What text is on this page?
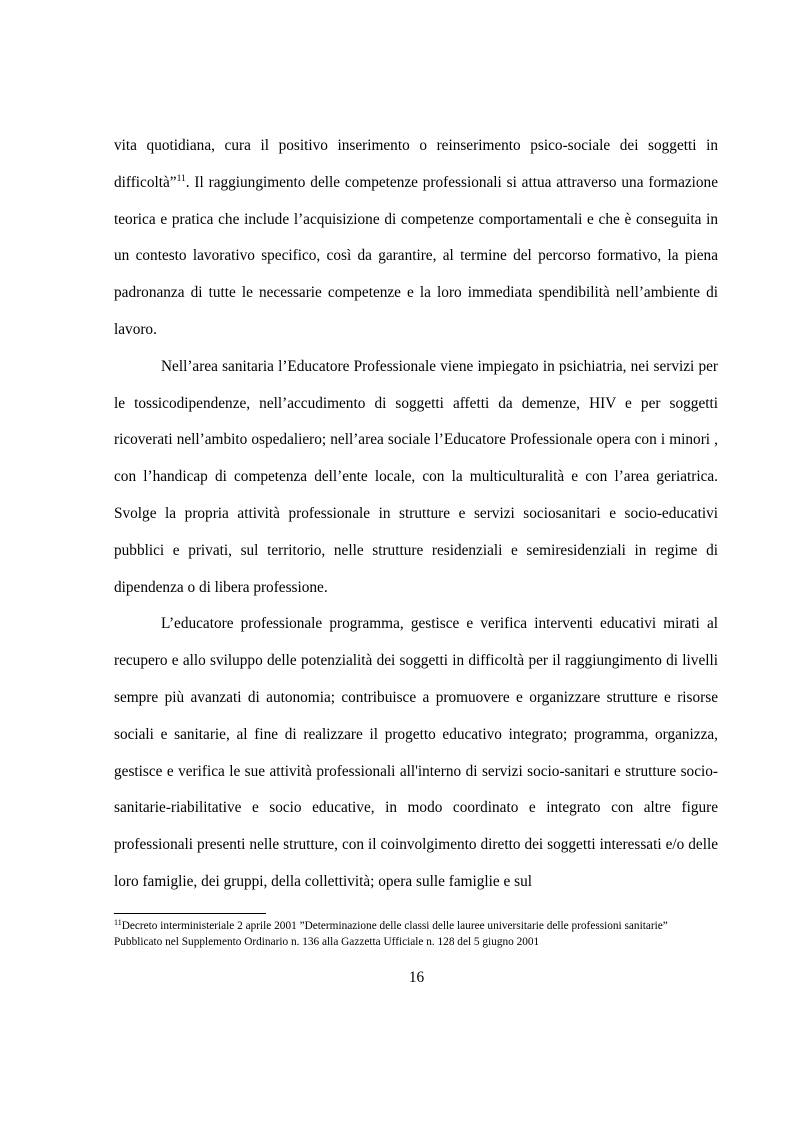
vita quotidiana, cura il positivo inserimento o reinserimento psico-sociale dei soggetti in difficoltà”$^{11}$. Il raggiungimento delle competenze professionali si attua attraverso una formazione teorica e pratica che include l’acquisizione di competenze comportamentali e che è conseguita in un contesto lavorativo specifico, così da garantire, al termine del percorso formativo, la piena padronanza di tutte le necessarie competenze e la loro immediata spendibilità nell’ambiente di lavoro.

Nell’area sanitaria l’Educatore Professionale viene impiegato in psichiatria, nei servizi per le tossicodipendenze, nell’accudimento di soggetti affetti da demenze, HIV e per soggetti ricoverati nell’ambito ospedaliero; nell’area sociale l’Educatore Professionale opera con i minori , con l’handicap di competenza dell’ente locale, con la multiculturalità e con l’area geriatrica. Svolge la propria attività professionale in strutture e servizi sociosanitari e socio-educativi pubblici e privati, sul territorio, nelle strutture residenziali e semiresidenziali in regime di dipendenza o di libera professione.

L’educatore professionale programma, gestisce e verifica interventi educativi mirati al recupero e allo sviluppo delle potenzialità dei soggetti in difficoltà per il raggiungimento di livelli sempre più avanzati di autonomia; contribuisce a promuovere e organizzare strutture e risorse sociali e sanitarie, al fine di realizzare il progetto educativo integrato; programma, organizza, gestisce e verifica le sue attività professionali all'interno di servizi socio-sanitari e strutture socio-sanitarie-riabilitative e socio educative, in modo coordinato e integrato con altre figure professionali presenti nelle strutture, con il coinvolgimento diretto dei soggetti interessati e/o delle loro famiglie, dei gruppi, della collettività; opera sulle famiglie e sul

$^{11}$Decreto interministeriale 2 aprile 2001 ”Determinazione delle classi delle lauree universitarie delle professioni sanitarie” Pubblicato nel Supplemento Ordinario n. 136 alla Gazzetta Ufficiale n. 128 del 5 giugno 2001

16
